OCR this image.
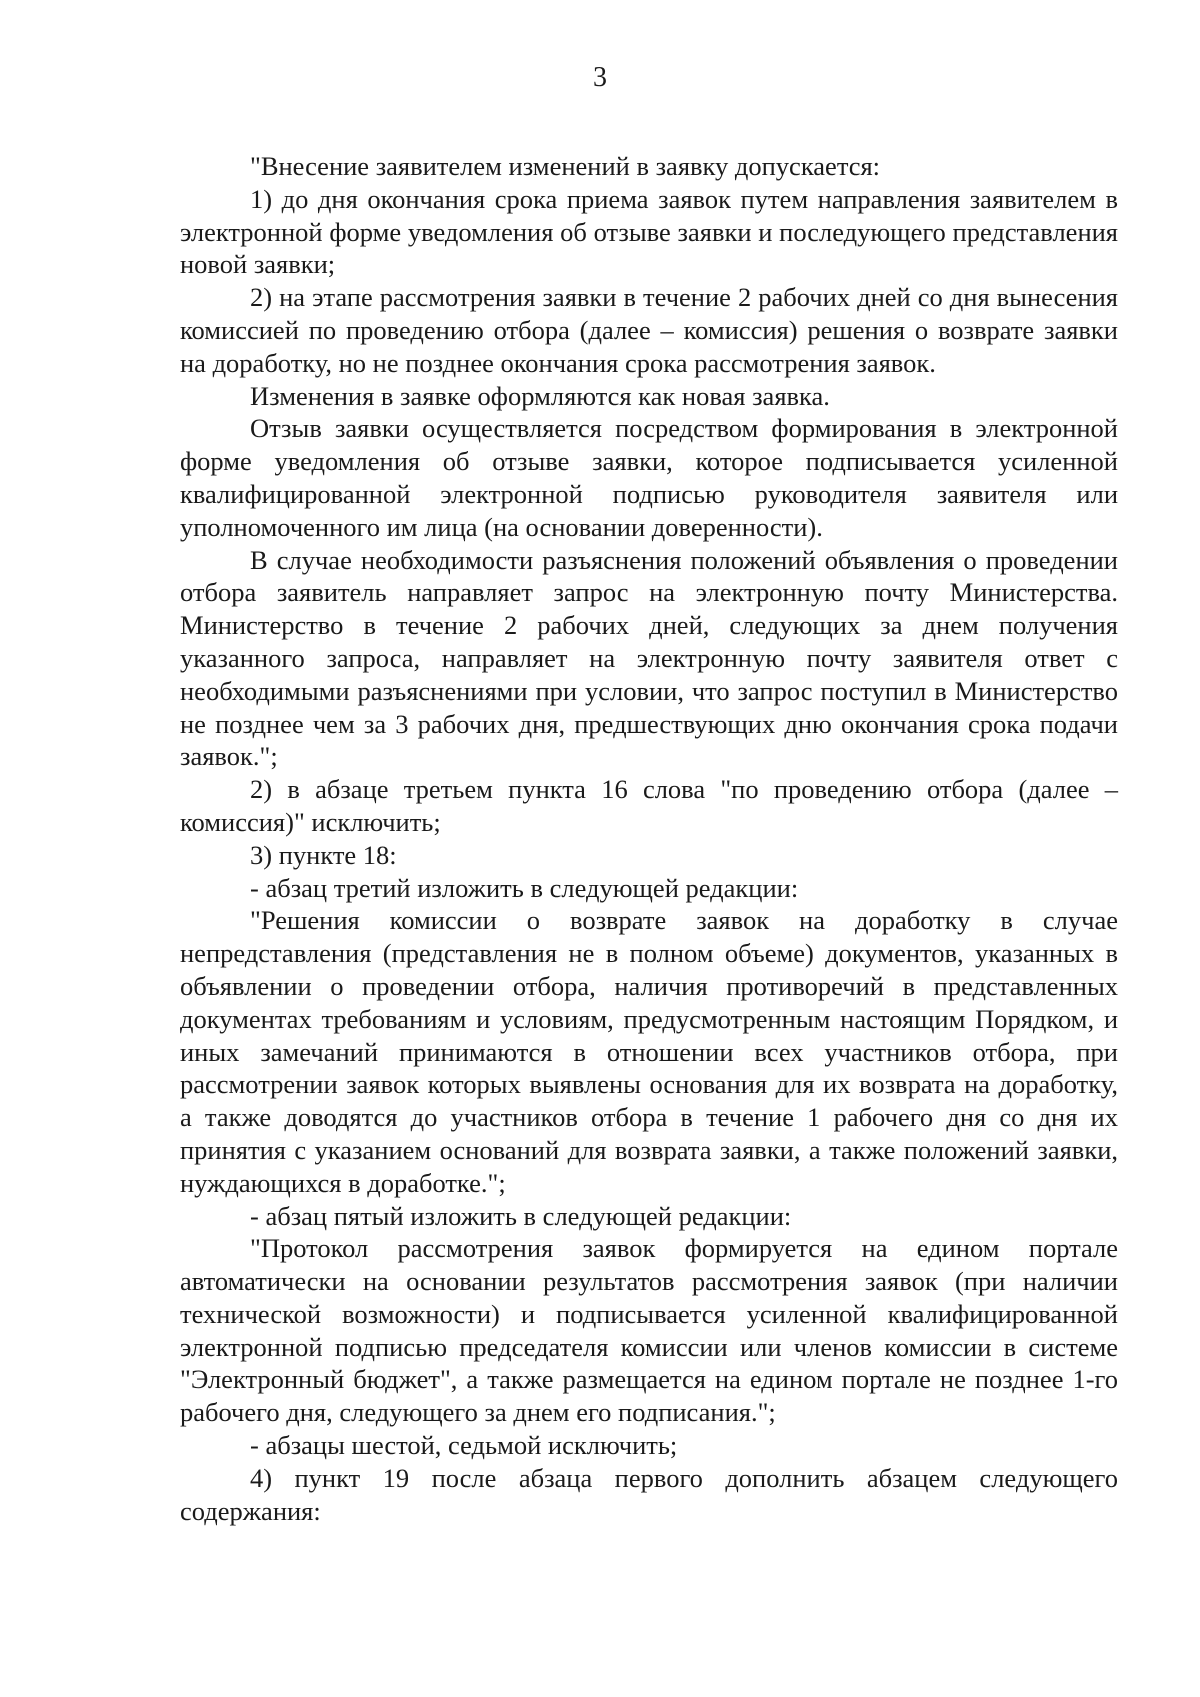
3

"Внесение заявителем изменений в заявку допускается:

1) до дня окончания срока приема заявок путем направления заявителем в электронной форме уведомления об отзыве заявки и последующего представления новой заявки;

2) на этапе рассмотрения заявки в течение 2 рабочих дней со дня вынесения комиссией по проведению отбора (далее – комиссия) решения о возврате заявки на доработку, но не позднее окончания срока рассмотрения заявок.

Изменения в заявке оформляются как новая заявка.

Отзыв заявки осуществляется посредством формирования в электронной форме уведомления об отзыве заявки, которое подписывается усиленной квалифицированной электронной подписью руководителя заявителя или уполномоченного им лица (на основании доверенности).

В случае необходимости разъяснения положений объявления о проведении отбора заявитель направляет запрос на электронную почту Министерства. Министерство в течение 2 рабочих дней, следующих за днем получения указанного запроса, направляет на электронную почту заявителя ответ с необходимыми разъяснениями при условии, что запрос поступил в Министерство не позднее чем за 3 рабочих дня, предшествующих дню окончания срока подачи заявок.";

2) в абзаце третьем пункта 16 слова "по проведению отбора (далее – комиссия)" исключить;

3) пункте 18:

- абзац третий изложить в следующей редакции:

"Решения комиссии о возврате заявок на доработку в случае непредставления (представления не в полном объеме) документов, указанных в объявлении о проведении отбора, наличия противоречий в представленных документах требованиям и условиям, предусмотренным настоящим Порядком, и иных замечаний принимаются в отношении всех участников отбора, при рассмотрении заявок которых выявлены основания для их возврата на доработку, а также доводятся до участников отбора в течение 1 рабочего дня со дня их принятия с указанием оснований для возврата заявки, а также положений заявки, нуждающихся в доработке.";

- абзац пятый изложить в следующей редакции:

"Протокол рассмотрения заявок формируется на едином портале автоматически на основании результатов рассмотрения заявок (при наличии технической возможности) и подписывается усиленной квалифицированной электронной подписью председателя комиссии или членов комиссии в системе "Электронный бюджет", а также размещается на едином портале не позднее 1-го рабочего дня, следующего за днем его подписания.";

- абзацы шестой, седьмой исключить;

4) пункт 19 после абзаца первого дополнить абзацем следующего содержания:
